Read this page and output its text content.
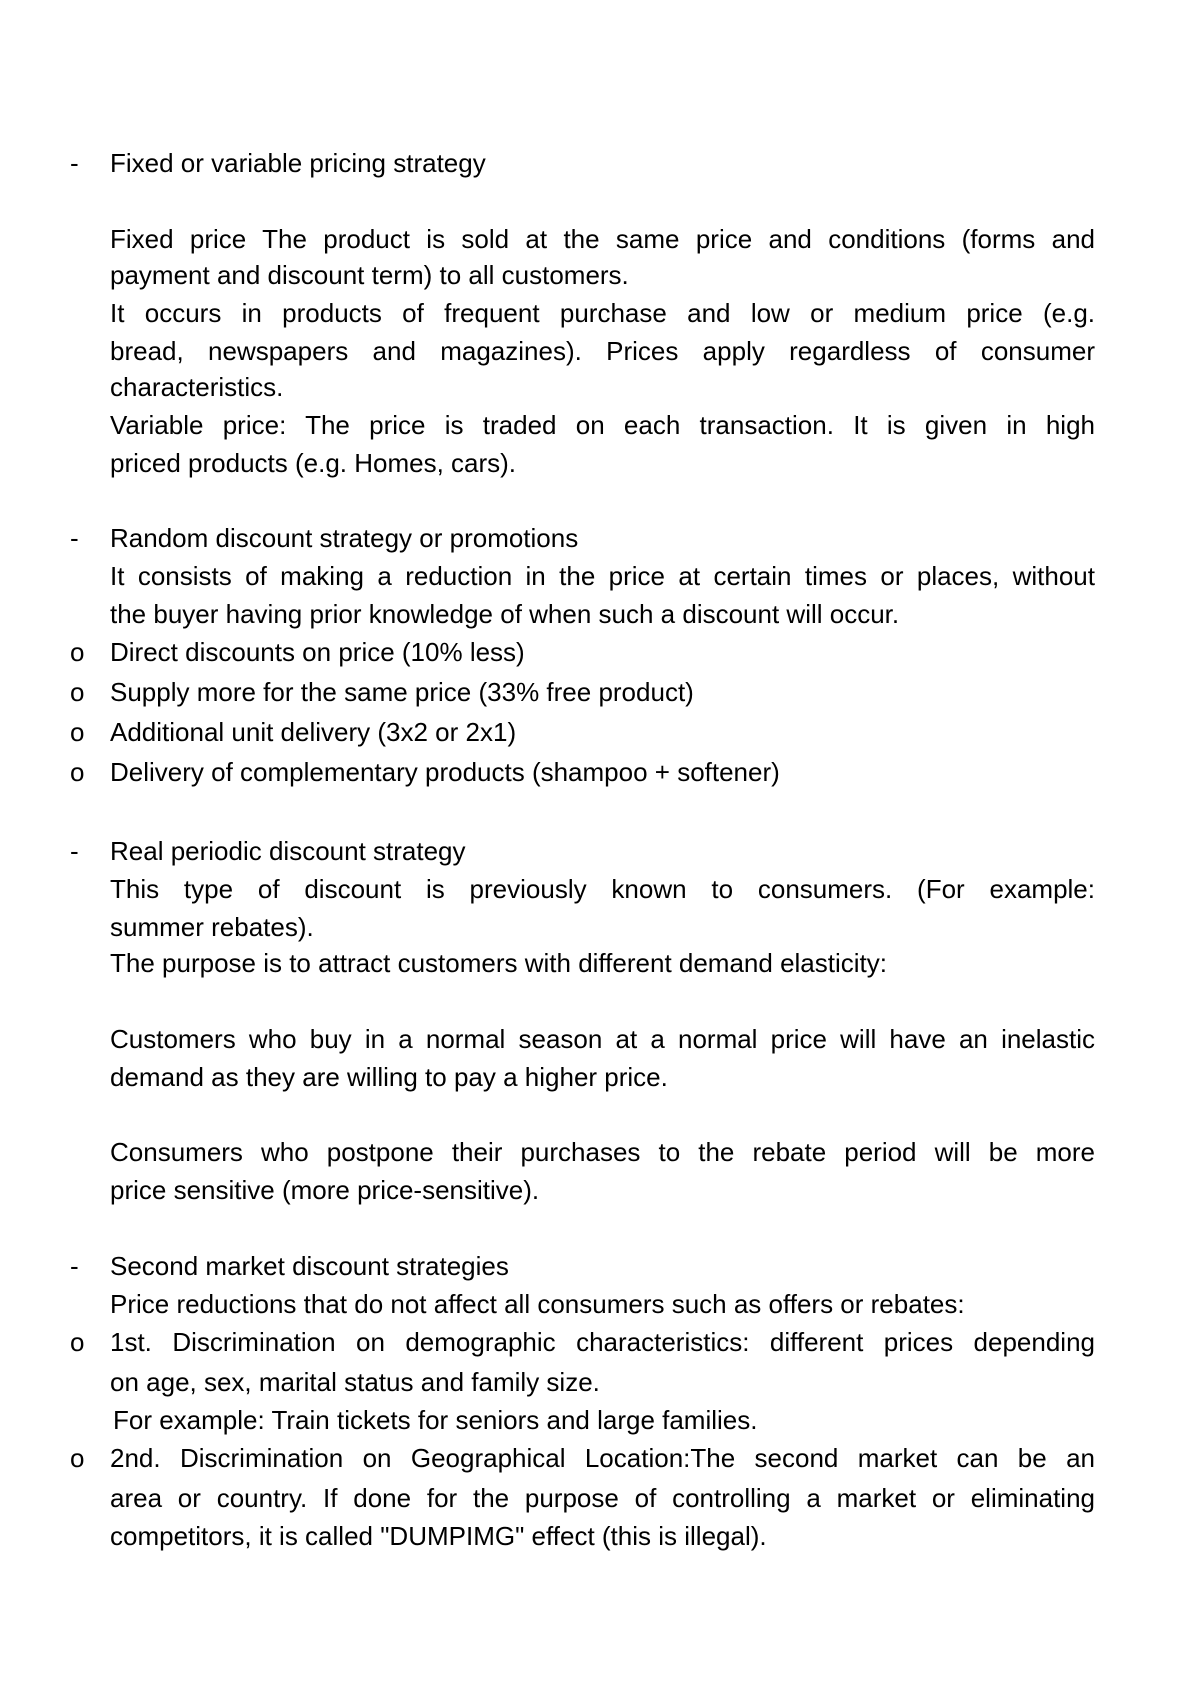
- Fixed or variable pricing strategy
Fixed price The product is sold at the same price and conditions (forms and
payment and discount term) to all customers.
It occurs in products of frequent purchase and low or medium price (e.g.
bread, newspapers and magazines). Prices apply regardless of consumer
characteristics.
Variable price: The price is traded on each transaction. It is given in high
priced products (e.g. Homes, cars).
- Random discount strategy or promotions
It consists of making a reduction in the price at certain times or places, without
the buyer having prior knowledge of when such a discount will occur.
o Direct discounts on price (10% less)
o Supply more for the same price (33% free product)
o Additional unit delivery (3x2 or 2x1)
o Delivery of complementary products (shampoo + softener)
- Real periodic discount strategy
This type of discount is previously known to consumers. (For example:
summer rebates).
The purpose is to attract customers with different demand elasticity:
Customers who buy in a normal season at a normal price will have an inelastic
demand as they are willing to pay a higher price.
Consumers who postpone their purchases to the rebate period will be more
price sensitive (more price-sensitive).
- Second market discount strategies
Price reductions that do not affect all consumers such as offers or rebates:
o 1st. Discrimination on demographic characteristics: different prices depending
on age, sex, marital status and family size.
For example: Train tickets for seniors and large families.
o 2nd. Discrimination on Geographical Location:The second market can be an
area or country. If done for the purpose of controlling a market or eliminating
competitors, it is called "DUMPIMG" effect (this is illegal).
